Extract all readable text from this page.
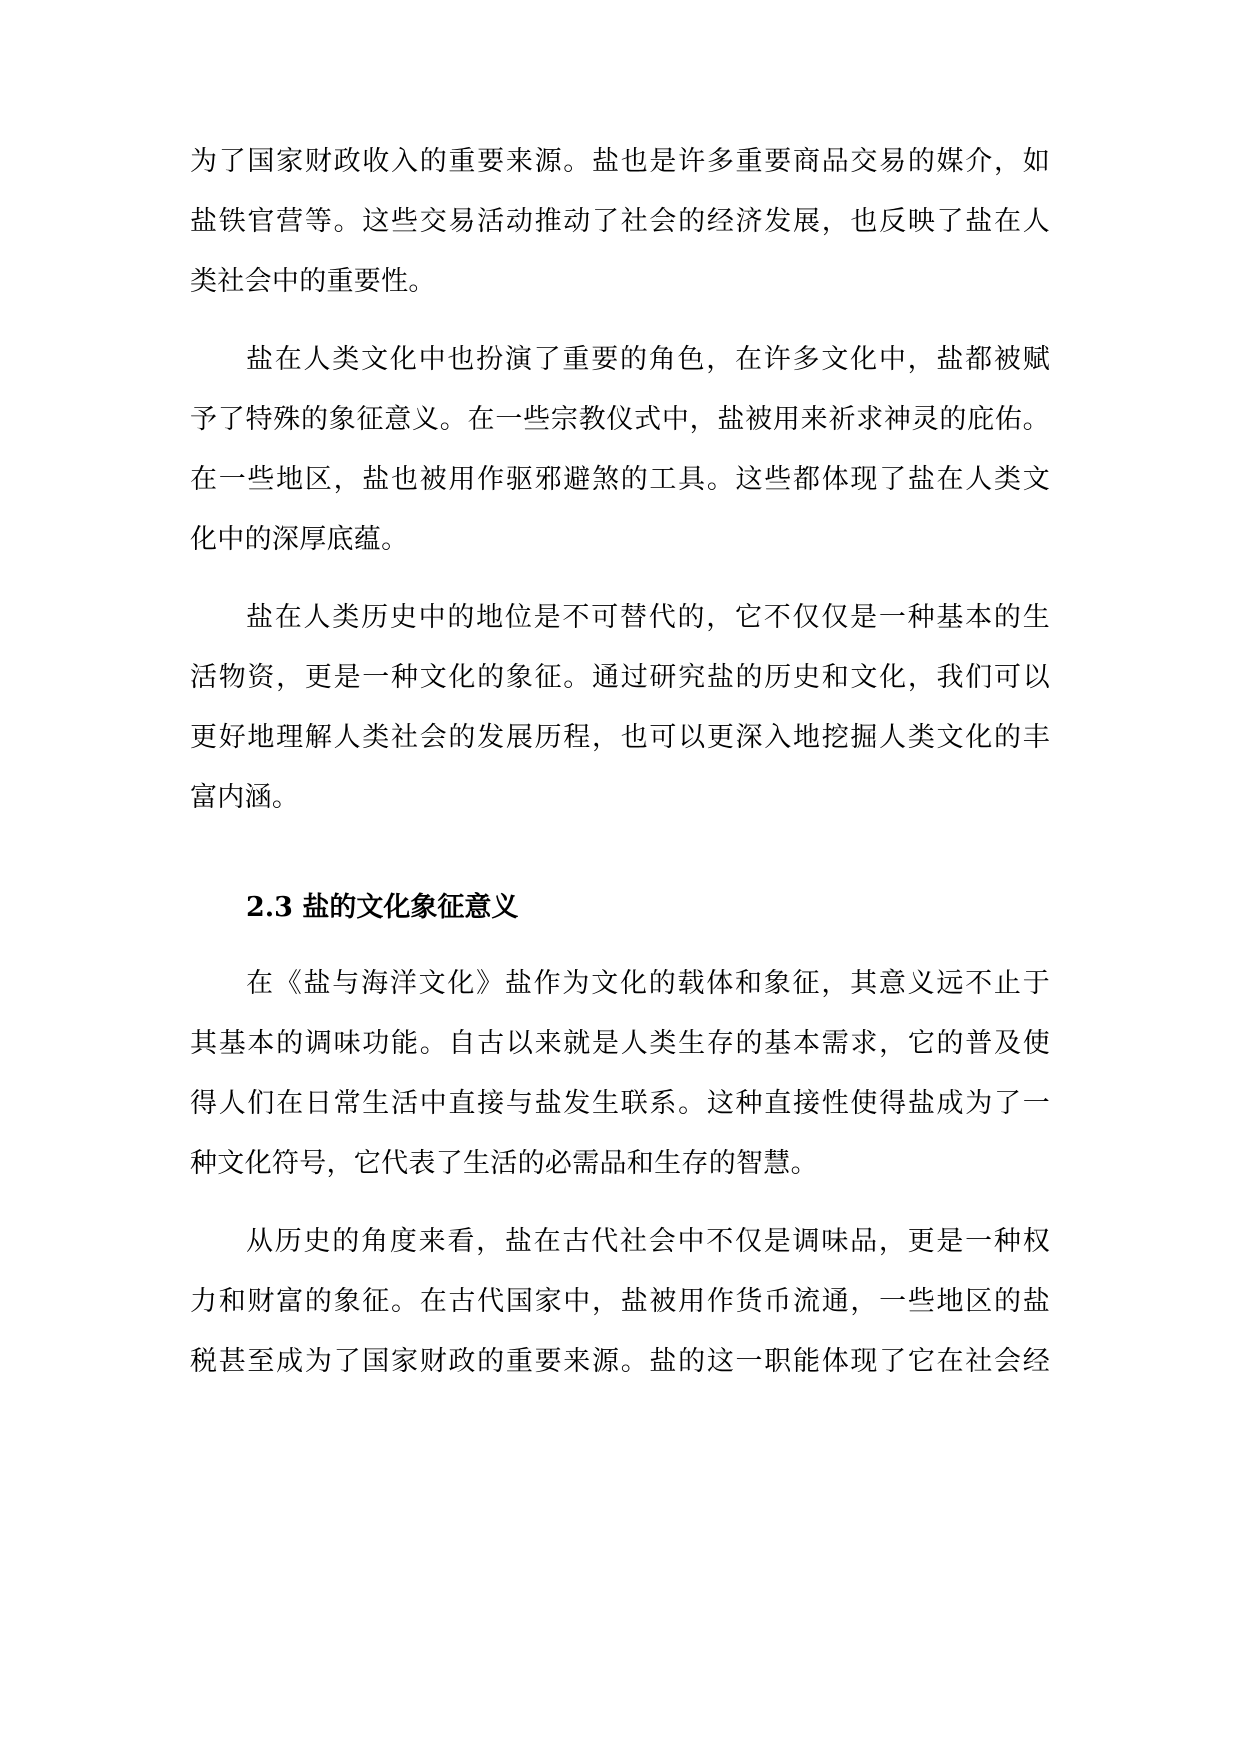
为了国家财政收入的重要来源。盐也是许多重要商品交易的媒介，如
盐铁官营等。这些交易活动推动了社会的经济发展，也反映了盐在人
类社会中的重要性。
盐在人类文化中也扮演了重要的角色，在许多文化中，盐都被赋
予了特殊的象征意义。在一些宗教仪式中，盐被用来祈求神灵的庇佑。
在一些地区，盐也被用作驱邪避煞的工具。这些都体现了盐在人类文
化中的深厚底蕴。
盐在人类历史中的地位是不可替代的，它不仅仅是一种基本的生
活物资，更是一种文化的象征。通过研究盐的历史和文化，我们可以
更好地理解人类社会的发展历程，也可以更深入地挖掘人类文化的丰
富内涵。
2.3 盐的文化象征意义
在《盐与海洋文化》盐作为文化的载体和象征，其意义远不止于
其基本的调味功能。自古以来就是人类生存的基本需求，它的普及使
得人们在日常生活中直接与盐发生联系。这种直接性使得盐成为了一
种文化符号，它代表了生活的必需品和生存的智慧。
从历史的角度来看，盐在古代社会中不仅是调味品，更是一种权
力和财富的象征。在古代国家中，盐被用作货币流通，一些地区的盐
税甚至成为了国家财政的重要来源。盐的这一职能体现了它在社会经
